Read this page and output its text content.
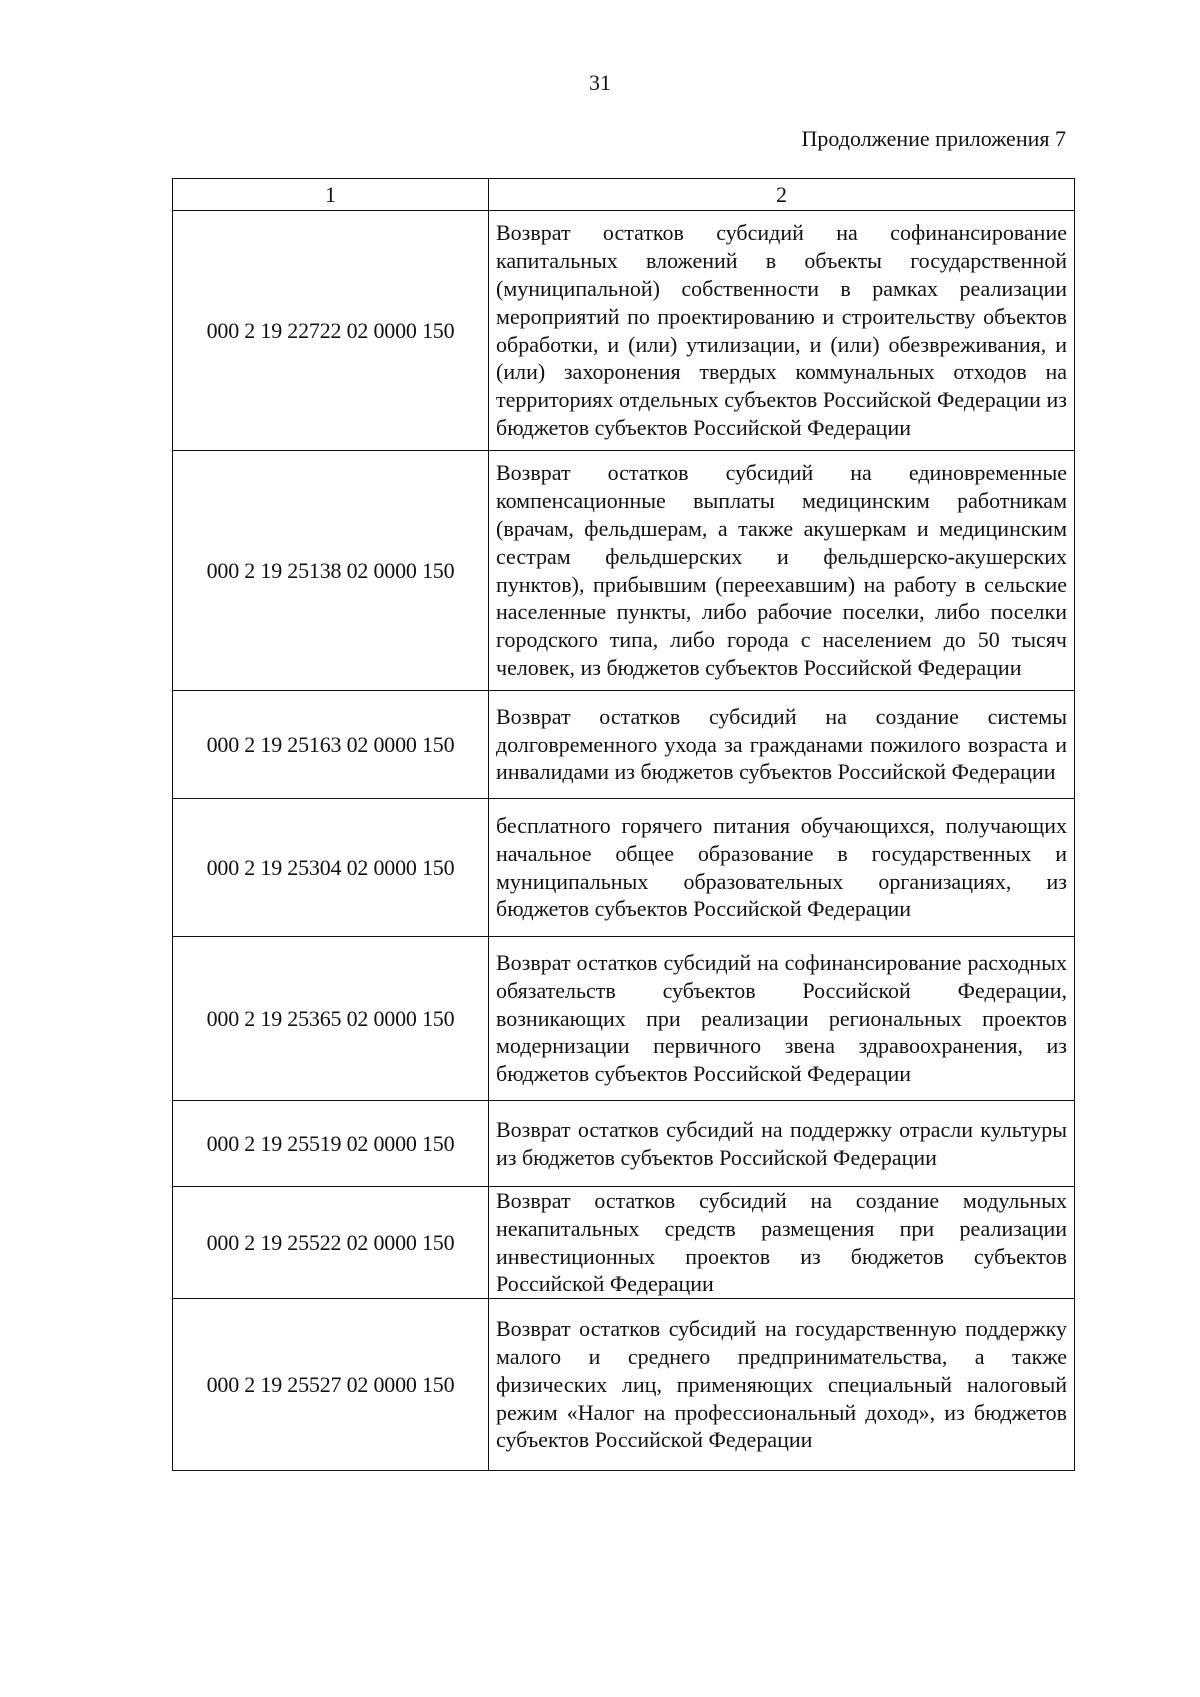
31
Продолжение приложения 7
1	2
000 2 19 22722 02 0000 150	Возврат остатков субсидий на софинансирование капитальных вложений в объекты государственной (муниципальной) собственности в рамках реализации мероприятий по проектированию и строительству объектов обработки, и (или) утилизации, и (или) обезвреживания, и (или) захоронения твердых коммунальных отходов на территориях отдельных субъектов Российской Федерации из бюджетов субъектов Российской Федерации
000 2 19 25138 02 0000 150	Возврат остатков субсидий на единовременные компенсационные выплаты медицинским работникам (врачам, фельдшерам, а также акушеркам и медицинским сестрам фельдшерских и фельдшерско-акушерских пунктов), прибывшим (переехавшим) на работу в сельские населенные пункты, либо рабочие поселки, либо поселки городского типа, либо города с населением до 50 тысяч человек, из бюджетов субъектов Российской Федерации
000 2 19 25163 02 0000 150	Возврат остатков субсидий на создание системы долговременного ухода за гражданами пожилого возраста и инвалидами из бюджетов субъектов Российской Федерации
000 2 19 25304 02 0000 150	бесплатного горячего питания обучающихся, получающих начальное общее образование в государственных и муниципальных образовательных организациях, из бюджетов субъектов Российской Федерации
000 2 19 25365 02 0000 150	Возврат остатков субсидий на софинансирование расходных обязательств субъектов Российской Федерации, возникающих при реализации региональных проектов модернизации первичного звена здравоохранения, из бюджетов субъектов Российской Федерации
000 2 19 25519 02 0000 150	Возврат остатков субсидий на поддержку отрасли культуры из бюджетов субъектов Российской Федерации
000 2 19 25522 02 0000 150	Возврат остатков субсидий на создание модульных некапитальных средств размещения при реализации инвестиционных проектов из бюджетов субъектов Российской Федерации
000 2 19 25527 02 0000 150	Возврат остатков субсидий на государственную поддержку малого и среднего предпринимательства, а также физических лиц, применяющих специальный налоговый режим «Налог на профессиональный доход», из бюджетов субъектов Российской Федерации
